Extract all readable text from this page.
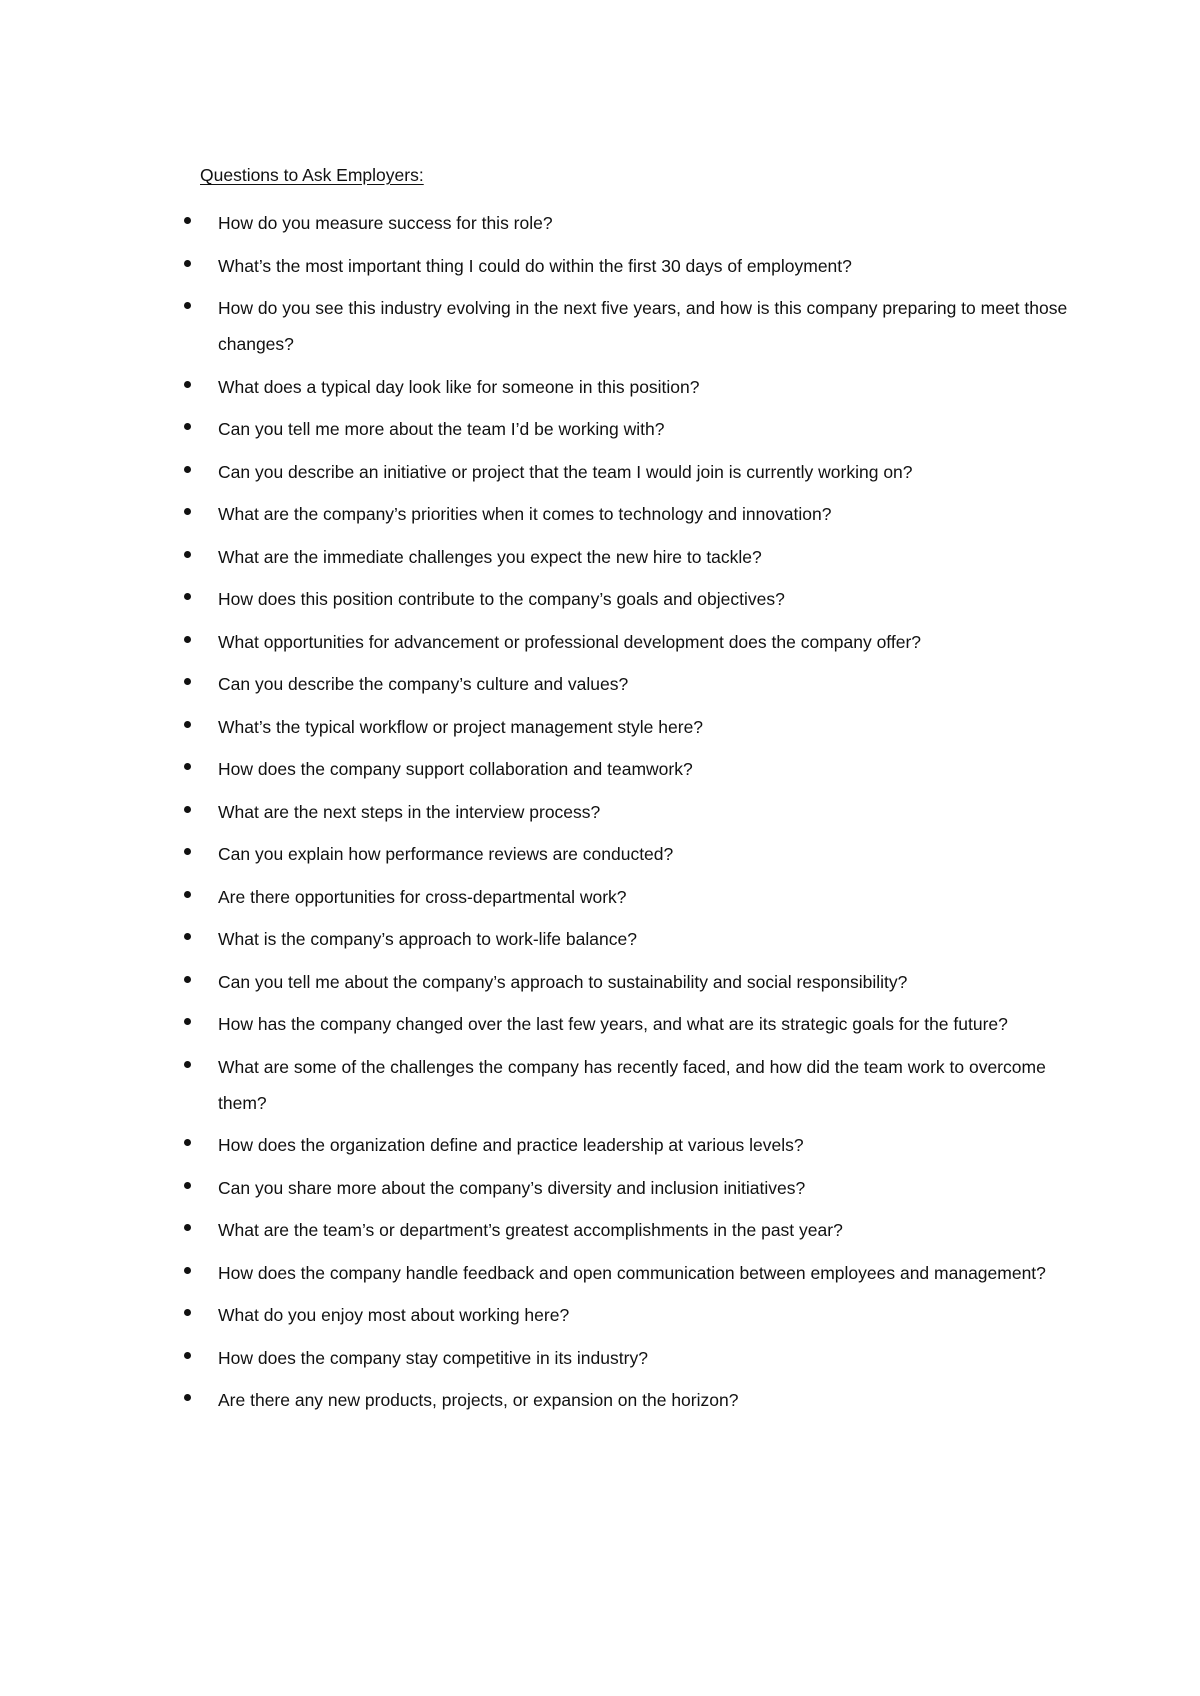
Questions to Ask Employers:
How do you measure success for this role?
What’s the most important thing I could do within the first 30 days of employment?
How do you see this industry evolving in the next five years, and how is this company preparing to meet those changes?
What does a typical day look like for someone in this position?
Can you tell me more about the team I’d be working with?
Can you describe an initiative or project that the team I would join is currently working on?
What are the company’s priorities when it comes to technology and innovation?
What are the immediate challenges you expect the new hire to tackle?
How does this position contribute to the company’s goals and objectives?
What opportunities for advancement or professional development does the company offer?
Can you describe the company’s culture and values?
What’s the typical workflow or project management style here?
How does the company support collaboration and teamwork?
What are the next steps in the interview process?
Can you explain how performance reviews are conducted?
Are there opportunities for cross-departmental work?
What is the company’s approach to work-life balance?
Can you tell me about the company’s approach to sustainability and social responsibility?
How has the company changed over the last few years, and what are its strategic goals for the future?
What are some of the challenges the company has recently faced, and how did the team work to overcome them?
How does the organization define and practice leadership at various levels?
Can you share more about the company’s diversity and inclusion initiatives?
What are the team’s or department’s greatest accomplishments in the past year?
How does the company handle feedback and open communication between employees and management?
What do you enjoy most about working here?
How does the company stay competitive in its industry?
Are there any new products, projects, or expansion on the horizon?
